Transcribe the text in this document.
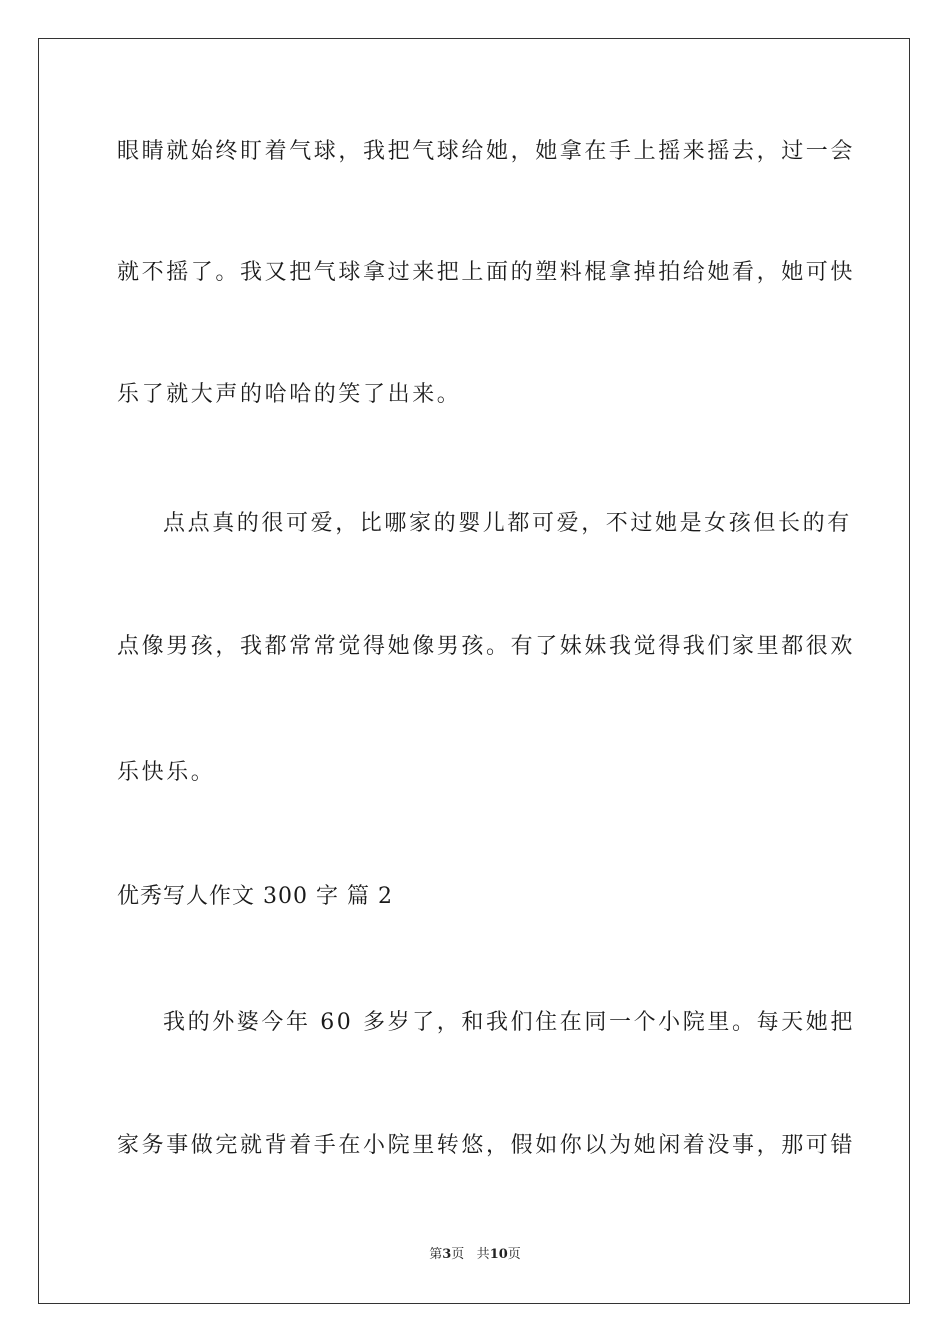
眼睛就始终盯着气球，我把气球给她，她拿在手上摇来摇去，过一会
就不摇了。我又把气球拿过来把上面的塑料棍拿掉拍给她看，她可快
乐了就大声的哈哈的笑了出来。
点点真的很可爱，比哪家的婴儿都可爱，不过她是女孩但长的有
点像男孩，我都常常觉得她像男孩。有了妹妹我觉得我们家里都很欢
乐快乐。
优秀写人作文 300 字 篇 2
我的外婆今年 60 多岁了，和我们住在同一个小院里。每天她把
家务事做完就背着手在小院里转悠，假如你以为她闲着没事，那可错
第3页 共10页
